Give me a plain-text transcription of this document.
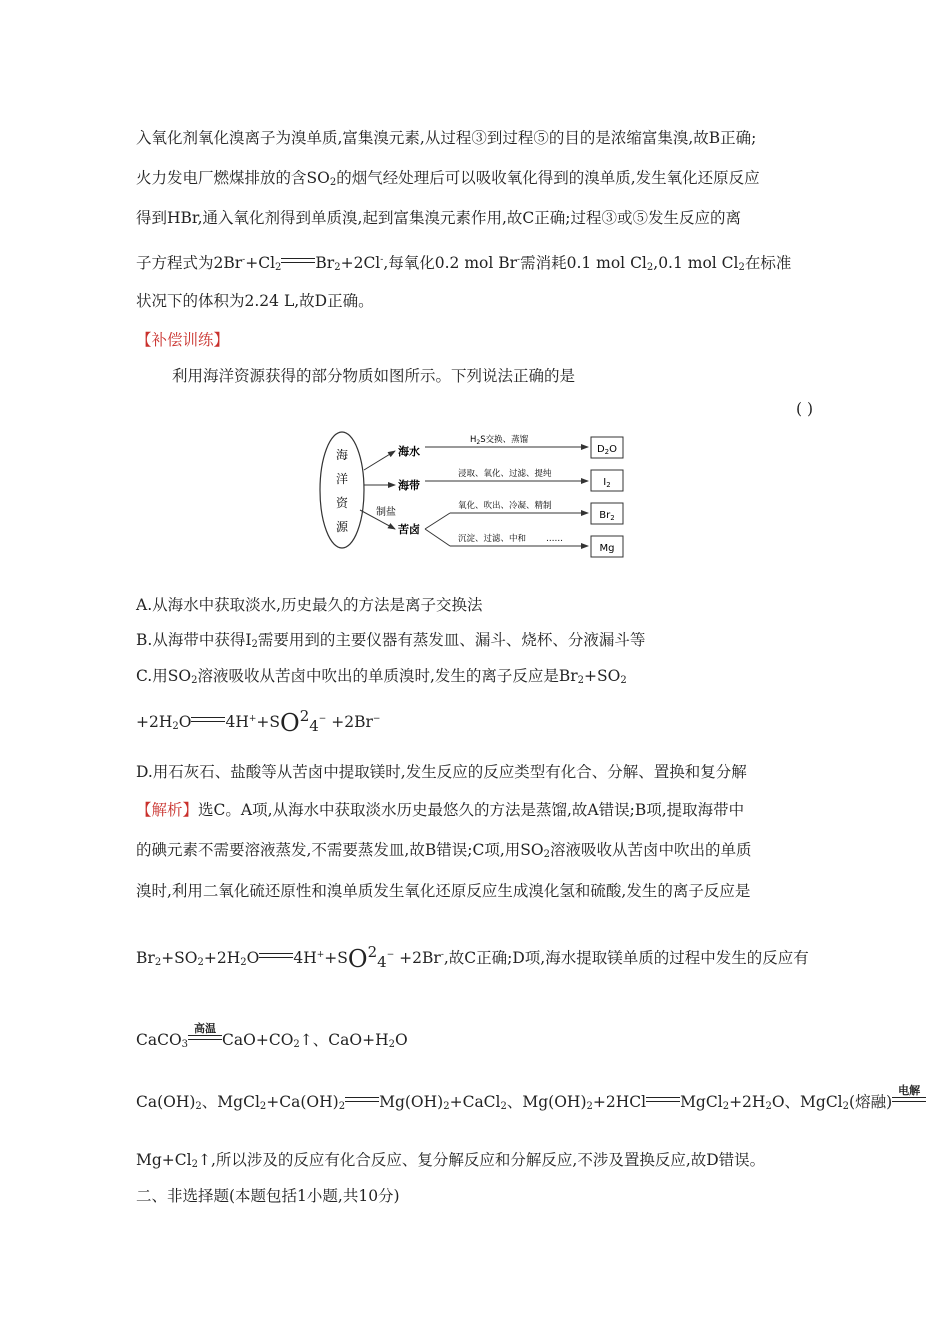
入氧化剂氧化溴离子为溴单质,富集溴元素,从过程③到过程⑤的目的是浓缩富集溴,故B正确;
火力发电厂燃煤排放的含$SO_2$的烟气经处理后可以吸收氧化得到的溴单质,发生氧化还原反应
得到HBr,通入氧化剂得到单质溴,起到富集溴元素作用,故C正确;过程③或⑤发生反应的离
子方程式为$2Br^-+Cl_2$ $Br_2+2Cl^-$,每氧化0.2 mol Br-需消耗0.1 mol $Cl_2,0.1$ mol $Cl_2$在标准
状况下的体积为2.24 L,故D正确。
【补偿训练】
利用海洋资源获得的部分物质如图所示。下列说法正确的是
( )
海
洋
资
源
海水
海带
制盐
苦卤
$H_2S$交换、蒸馏
浸取、氧化、过滤、提纯
氧化、吹出、冷凝、精制
沉淀、过滤、中和 ……
$D_2O$
$I_2$
$Br_2$
Mg
A.从海水中获取淡水,历史最久的方法是离子交换法
B.从海带中获得$I_2$需要用到的主要仪器有蒸发皿、漏斗、烧杯、分液漏斗等
C.用$SO_2$溶液吸收从苦卤中吹出的单质溴时,发生的离子反应是$Br_2+SO_2$
$+2H_2O$ 4H++SO24− +2Br−
D.用石灰石、盐酸等从苦卤中提取镁时,发生反应的反应类型有化合、分解、置换和复分解
【解析】选C。A项,从海水中获取淡水历史最悠久的方法是蒸馏,故A错误;B项,提取海带中
的碘元素不需要溶液蒸发,不需要蒸发皿,故B错误;C项,用$SO_2$溶液吸收从苦卤中吹出的单质
溴时,利用二氧化硫还原性和溴单质发生氧化还原反应生成溴化氢和硫酸,发生的离子反应是
$Br_2+SO_2+2H_2O$ 4H++SO24− +2Br-,故C正确;D项,海水提取镁单质的过程中发生的反应有
CaCO$_3$
高温
$CaO+CO_2↑$、$CaO+H_2O$
$Ca(OH)_2$、$MgCl_2+Ca(OH)_2$ $Mg(OH)_2+CaCl_2$、$Mg(OH)_2+2HCl$ $MgCl_2+2H_2O$、MgCl$_2$(熔融)
电解
$Mg+Cl_2↑$,所以涉及的反应有化合反应、复分解反应和分解反应,不涉及置换反应,故D错误。
二、非选择题(本题包括1小题,共10分)
